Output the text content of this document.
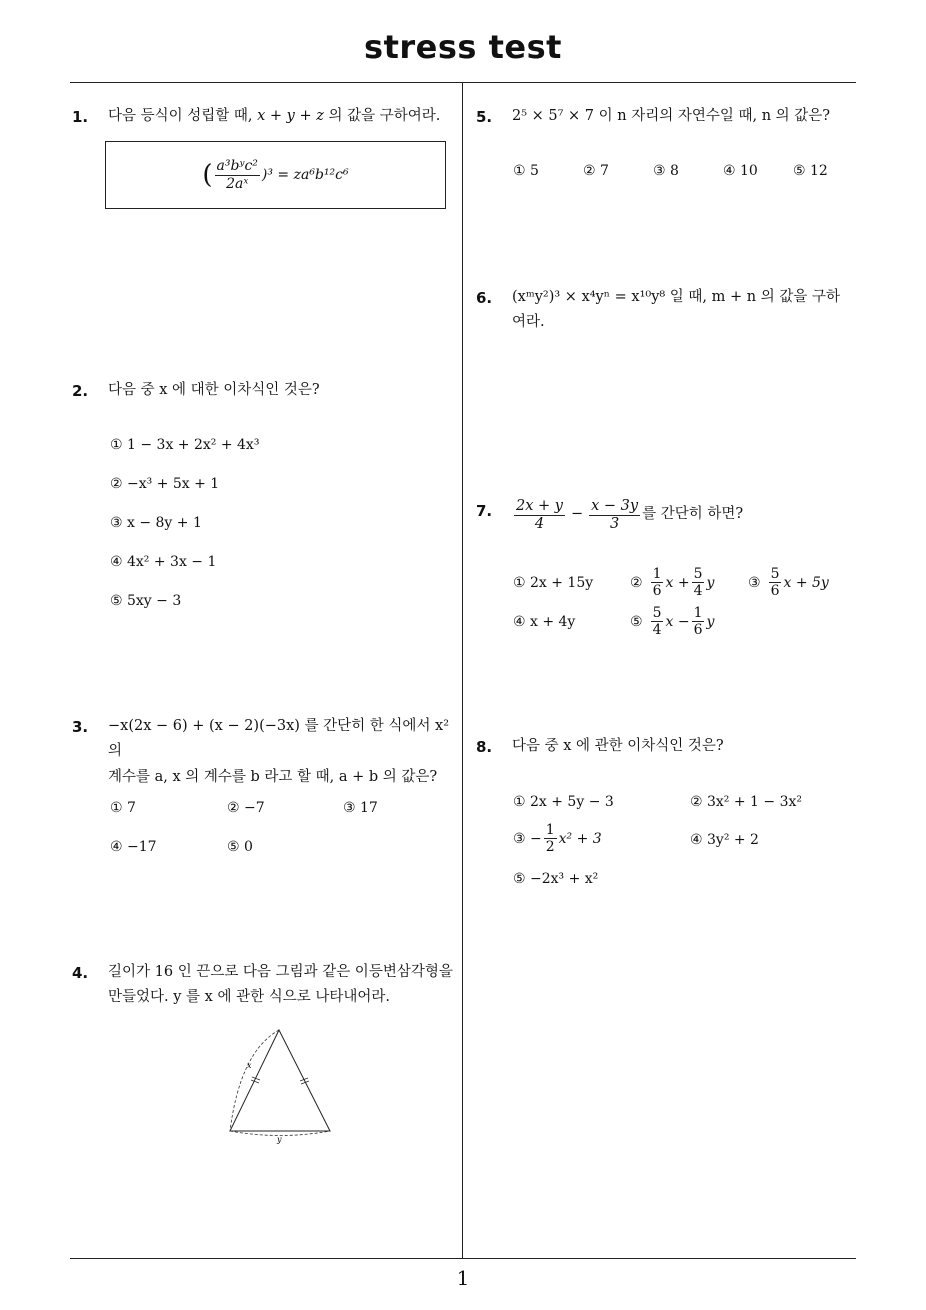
stress test
1
1. 다음 등식이 성립할 때, x + y + z 의 값을 구하여라.
( $\frac{\text{a³bʸc²}}{\text{2aˣ}} )^3 = za^6b^{12}c^6$
2. 다음 중 x 에 대한 이차식인 것은?
① 1 − 3x + 2x² + 4x³
② −x³ + 5x + 1
③ x − 8y + 1
④ 4x² + 3x − 1
⑤ 5xy − 3
3. −x(2x − 6) + (x − 2)(−3x) 를 간단히 한 식에서 x² 의
계수를 a, x 의 계수를 b 라고 할 때, a + b 의 값은?
① 7	② −7	③ 17
④ −17	⑤ 0
4. 길이가 16 인 끈으로 다음 그림과 같은 이등변삼각형을
만들었다. y 를 x 에 관한 식으로 나타내어라.
x
y
5. 2⁵ × 5⁷ × 7 이 n 자리의 자연수일 때, n 의 값은?
① 5	② 7	③ 8	④ 10	⑤ 12
6. (xᵐy²)³ × x⁴yⁿ = x¹⁰y⁸ 일 때, m + n 의 값을 구하
여라.
7. $\frac{2x + y}{4} - \frac{x - 3y}{3}$ 를 간단히 하면?
① 2x + 15y	② $\frac{1}{6}$ $x + \frac{5}{4}$ y ③ $\frac{5}{6}$ x + 5y
④ x + 4y	⑤ $\frac{5}{4}$ $x - \frac{1}{6}$ y
8. 다음 중 x 에 관한 이차식인 것은?
① 2x + 5y − 3	② 3x² + 1 − 3x²
③ − $\frac{1}{2} x^2 + 3$	④ 3y² + 2
⑤ −2x³ + x²
